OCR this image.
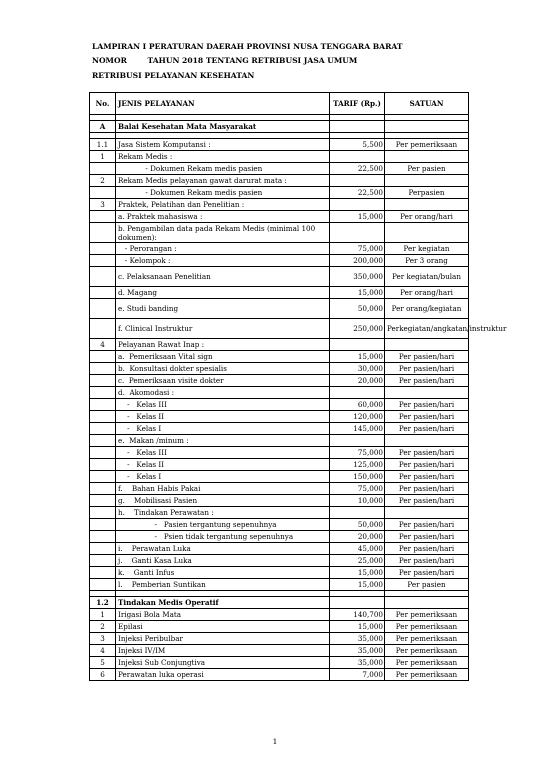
LAMPIRAN I PERATURAN DAERAH PROVINSI NUSA TENGGARA BARAT
NOMOR	TAHUN 2018 TENTANG RETRIBUSI JASA UMUM
RETRIBUSI PELAYANAN KESEHATAN
No.	JENIS PELAYANAN	TARIF (Rp.)	SATUAN

A	Balai Kesehatan Mata Masyarakat		

1.1	Jasa Sistem Komputansi :	5,500	Per pemeriksaan
1	Rekam Medis :		
	- Dokumen Rekam medis pasien	22,500	Per pasien
2	Rekam Medis pelayanan gawat darurat mata :		
	- Dokumen Rekam medis pasien	22,500	Perpasien
3	Praktek, Pelatihan dan Penelitian :		
	a. Praktek mahasiswa :	15,000	Per orang/hari
	b. Pengambilan data pada Rekam Medis (minimal 100 dokumen):		
	- Perorangan :	75,000	Per kegiatan
	- Kelompok :	200,000	Per 3 orang
	c. Pelaksanaan Penelitian	350,000	Per kegiatan/bulan
	d. Magang	15,000	Per orang/hari
	e. Studi banding	50,000	Per orang/kegiatan
	f. Clinical Instruktur	250,000	Perkegiatan/angkatan/instruktur
4	Pelayanan Rawat Inap :		
	a.  Pemeriksaan Vital sign	15,000	Per pasien/hari
	b.  Konsultasi dokter spesialis	30,000	Per pasien/hari
	c.  Pemeriksaan visite dokter	20,000	Per pasien/hari
	d.  Akomodasi :		
	-   Kelas III	60,000	Per pasien/hari
	-   Kelas II	120,000	Per pasien/hari
	-   Kelas I	145,000	Per pasien/hari
	e.  Makan /minum :		
	-   Kelas III	75,000	Per pasien/hari
	-   Kelas II	125,000	Per pasien/hari
	-   Kelas I	150,000	Per pasien/hari
	f.    Bahan Habis Pakai	75,000	Per pasien/hari
	g.    Mobilisasi Pasien	10,000	Per pasien/hari
	h.    Tindakan Perawatan :		
	-   Pasien tergantung sepenuhnya	50,000	Per pasien/hari
	-   Psien tidak tergantung sepenuhnya	20,000	Per pasien/hari
	i.    Perawatan Luka	45,000	Per pasien/hari
	j.    Ganti Kasa Luka	25,000	Per pasien/hari
	k.    Ganti Infus	15,000	Per pasien/hari
	l.    Pemberian Suntikan	15,000	Per pasien

1.2	Tindakan Medis Operatif		
1	Irigasi Bola Mata	140,700	Per pemeriksaan
2	Epilasi	15,000	Per pemeriksaan
3	Injeksi Peribulbar	35,000	Per pemeriksaan
4	Injeksi IV/IM	35,000	Per pemeriksaan
5	Injeksi Sub Conjungtiva	35,000	Per pemeriksaan
6	Perawatan luka operasi	7,000	Per pemeriksaan
1
